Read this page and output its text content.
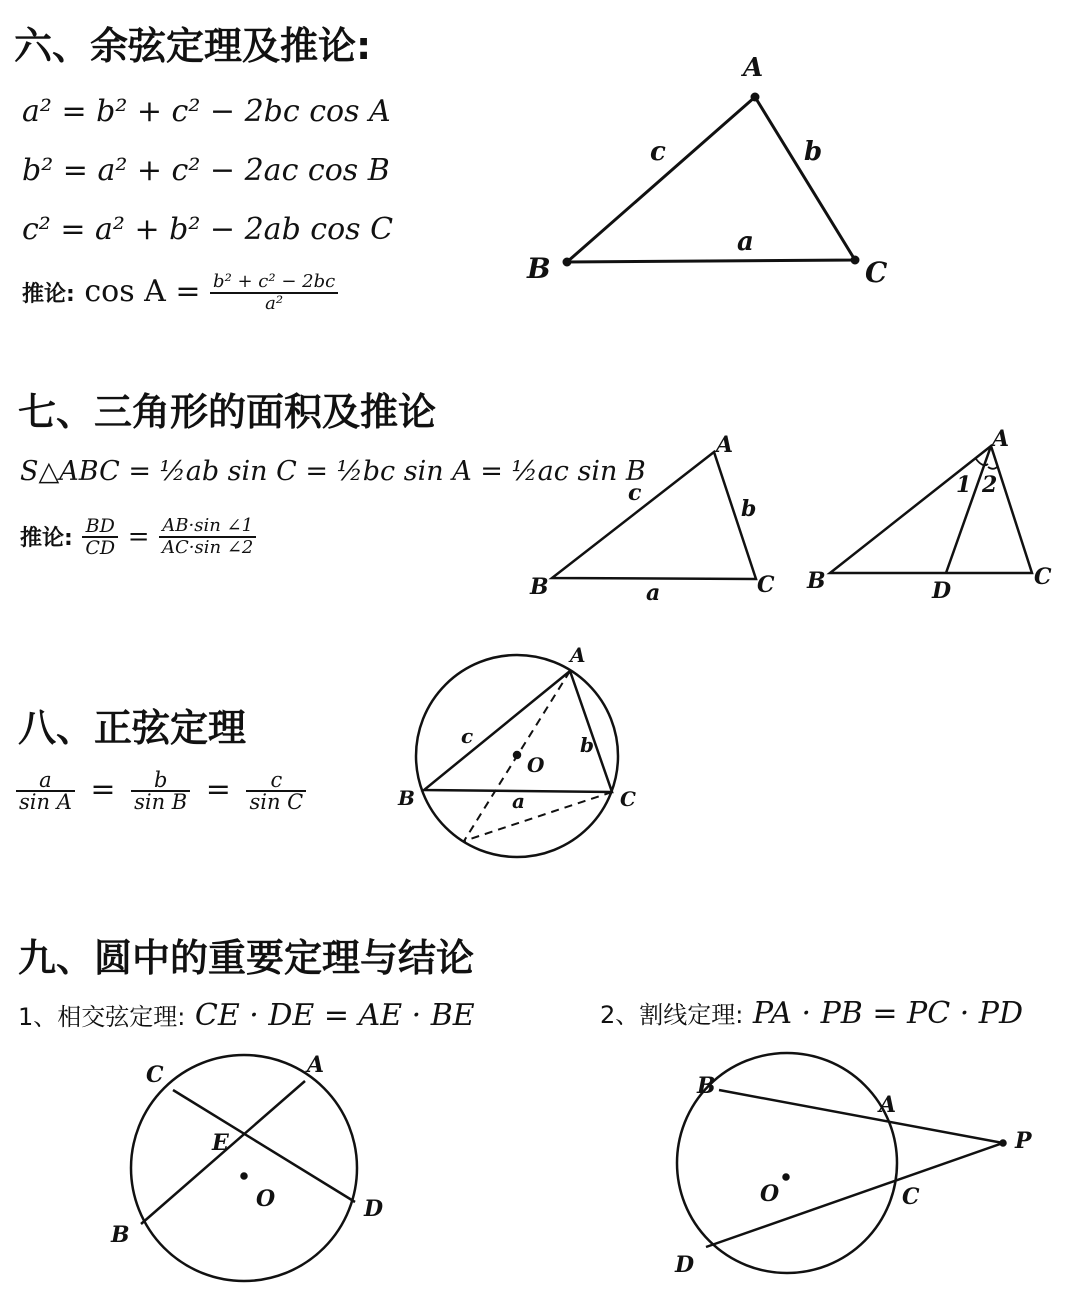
六、余弦定理及推论:
a² = b² + c² − 2bc cos A
b² = a² + c² − 2ac cos B
c² = a² + b² − 2ab cos C
推论: $\cos A = \frac{\text{b² + c² − 2bc}}{\text{a²}}$
七、三角形的面积及推论
S△ABC = ½ab sin C = ½bc sin A = ½ac sin B
推论: $\frac{BD}{CD} = \frac{AB\cdot\sin \angle 1}{AC\cdot\sin \angle 2}$
八、正弦定理
$\frac{a}{\text{sin A}} = \frac{b}{\text{sin B}} = \frac{c}{\text{sin C}}$
九、圆中的重要定理与结论
1、相交弦定理: CE · DE = AE · BE	2、割线定理: PA · PB = PC · PD
A
B	C
c	b
a
A
B	C
c
b
a
A
B	C
D
1 2
A
B	C
O
c	b
a
C	A
E
O	D
B
B
A
P
O	C
D
